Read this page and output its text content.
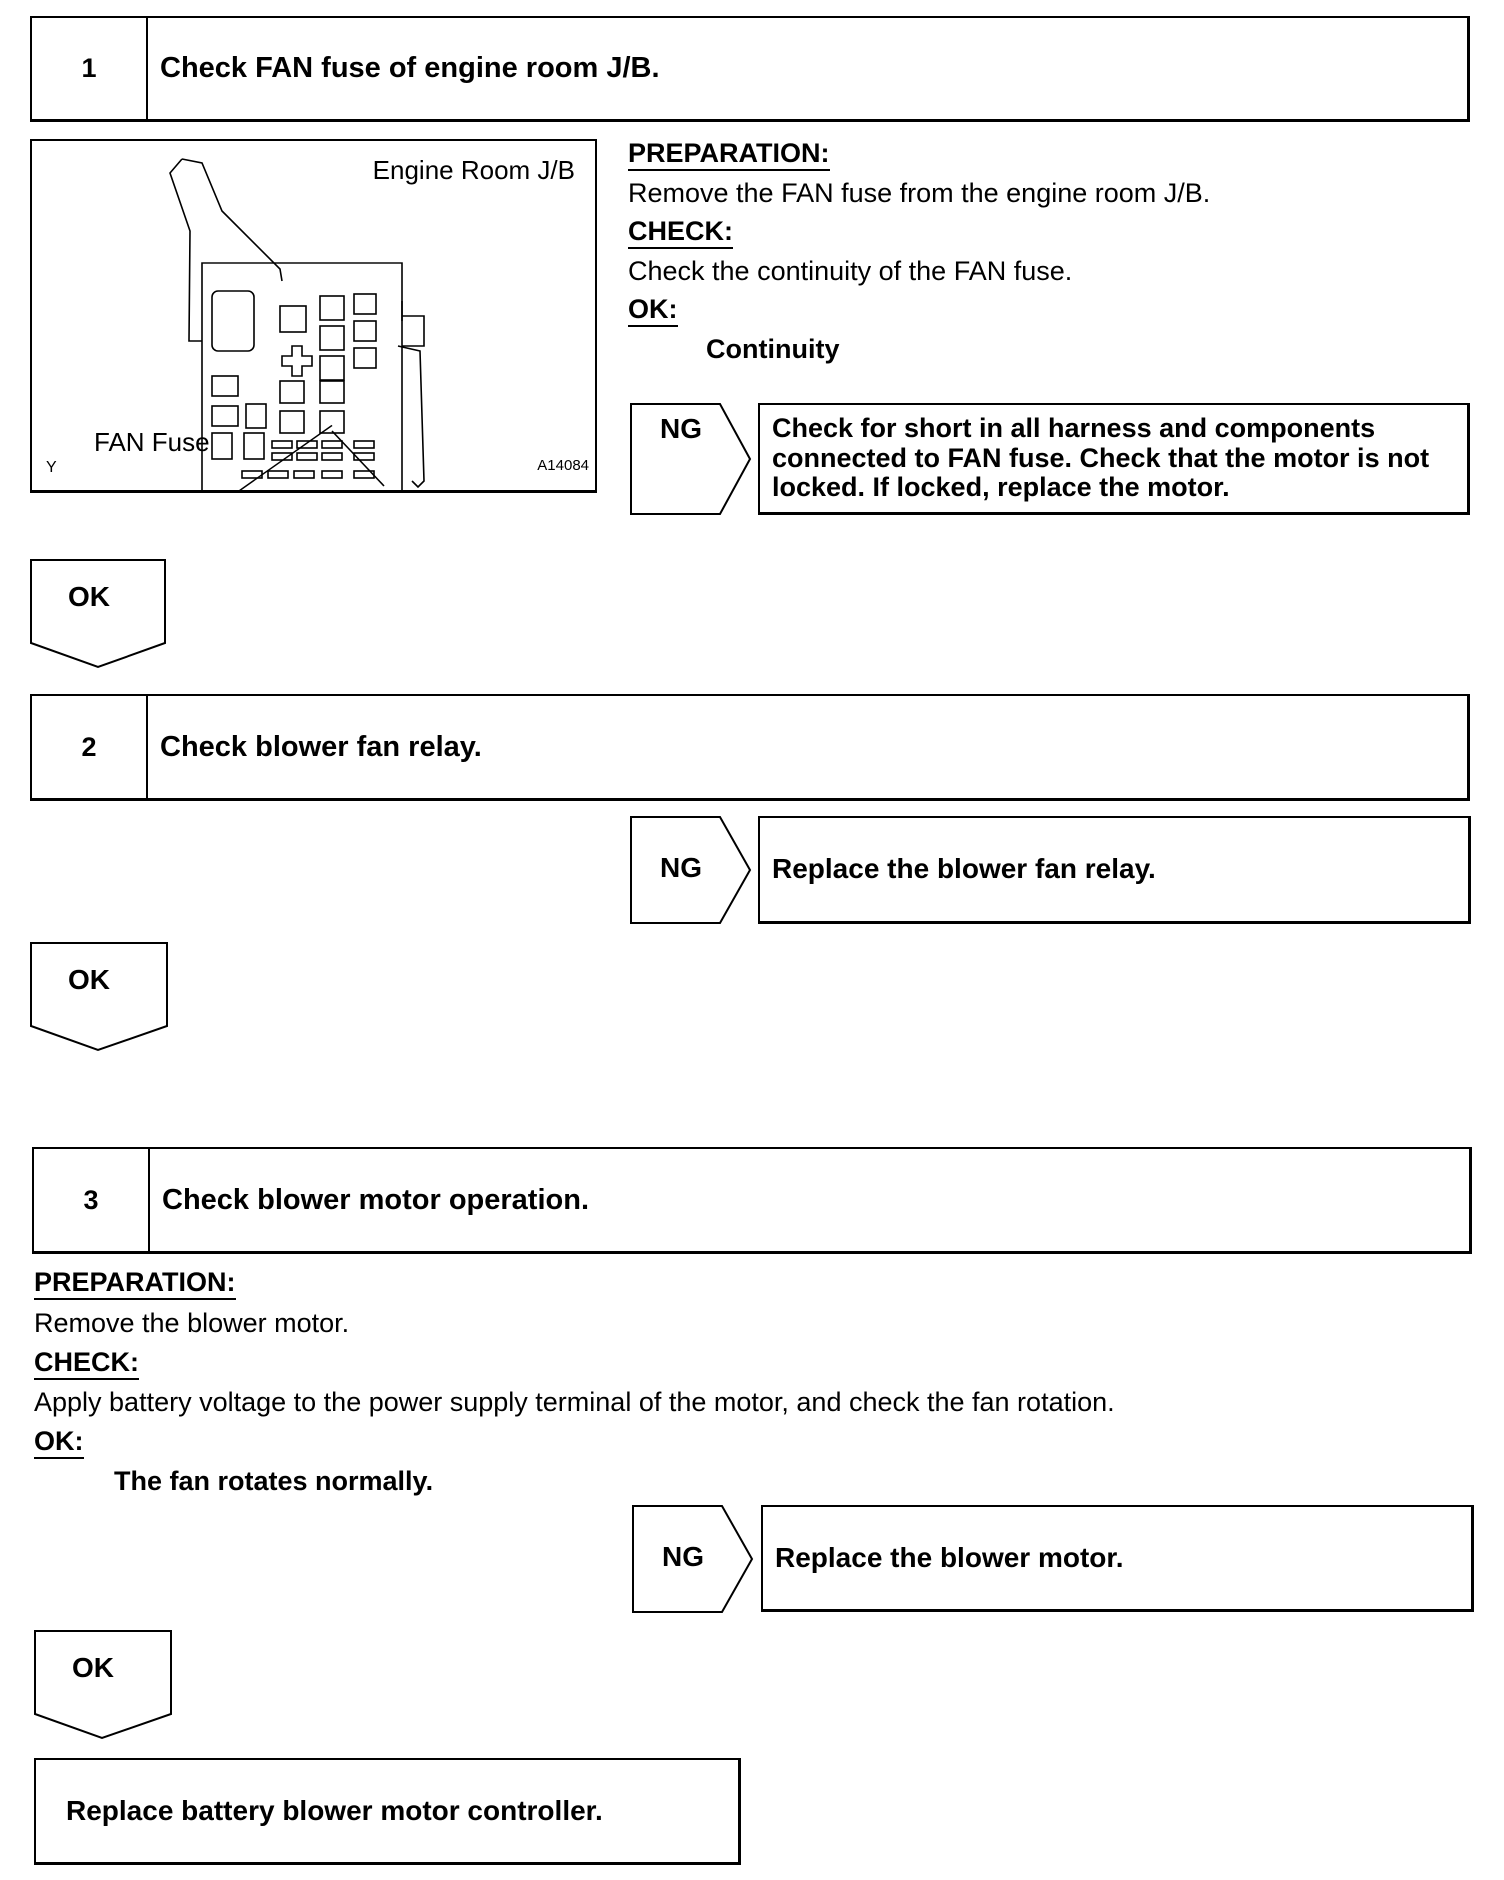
1	Check FAN fuse of engine room J/B.
Engine Room J/B
FAN Fuse
Y	A14084
PREPARATION:
Remove the FAN fuse from the engine room J/B.
CHECK:
Check the continuity of the FAN fuse.
OK:
Continuity
NG	Check for short in all harness and components connected to FAN fuse. Check that the motor is not locked. If locked, replace the motor.
OK
2	Check blower fan relay.
NG	Replace the blower fan relay.
OK
3	Check blower motor operation.
PREPARATION:
Remove the blower motor.
CHECK:
Apply battery voltage to the power supply terminal of the motor, and check the fan rotation.
OK:
The fan rotates normally.
NG	Replace the blower motor.
OK
Replace battery blower motor controller.
